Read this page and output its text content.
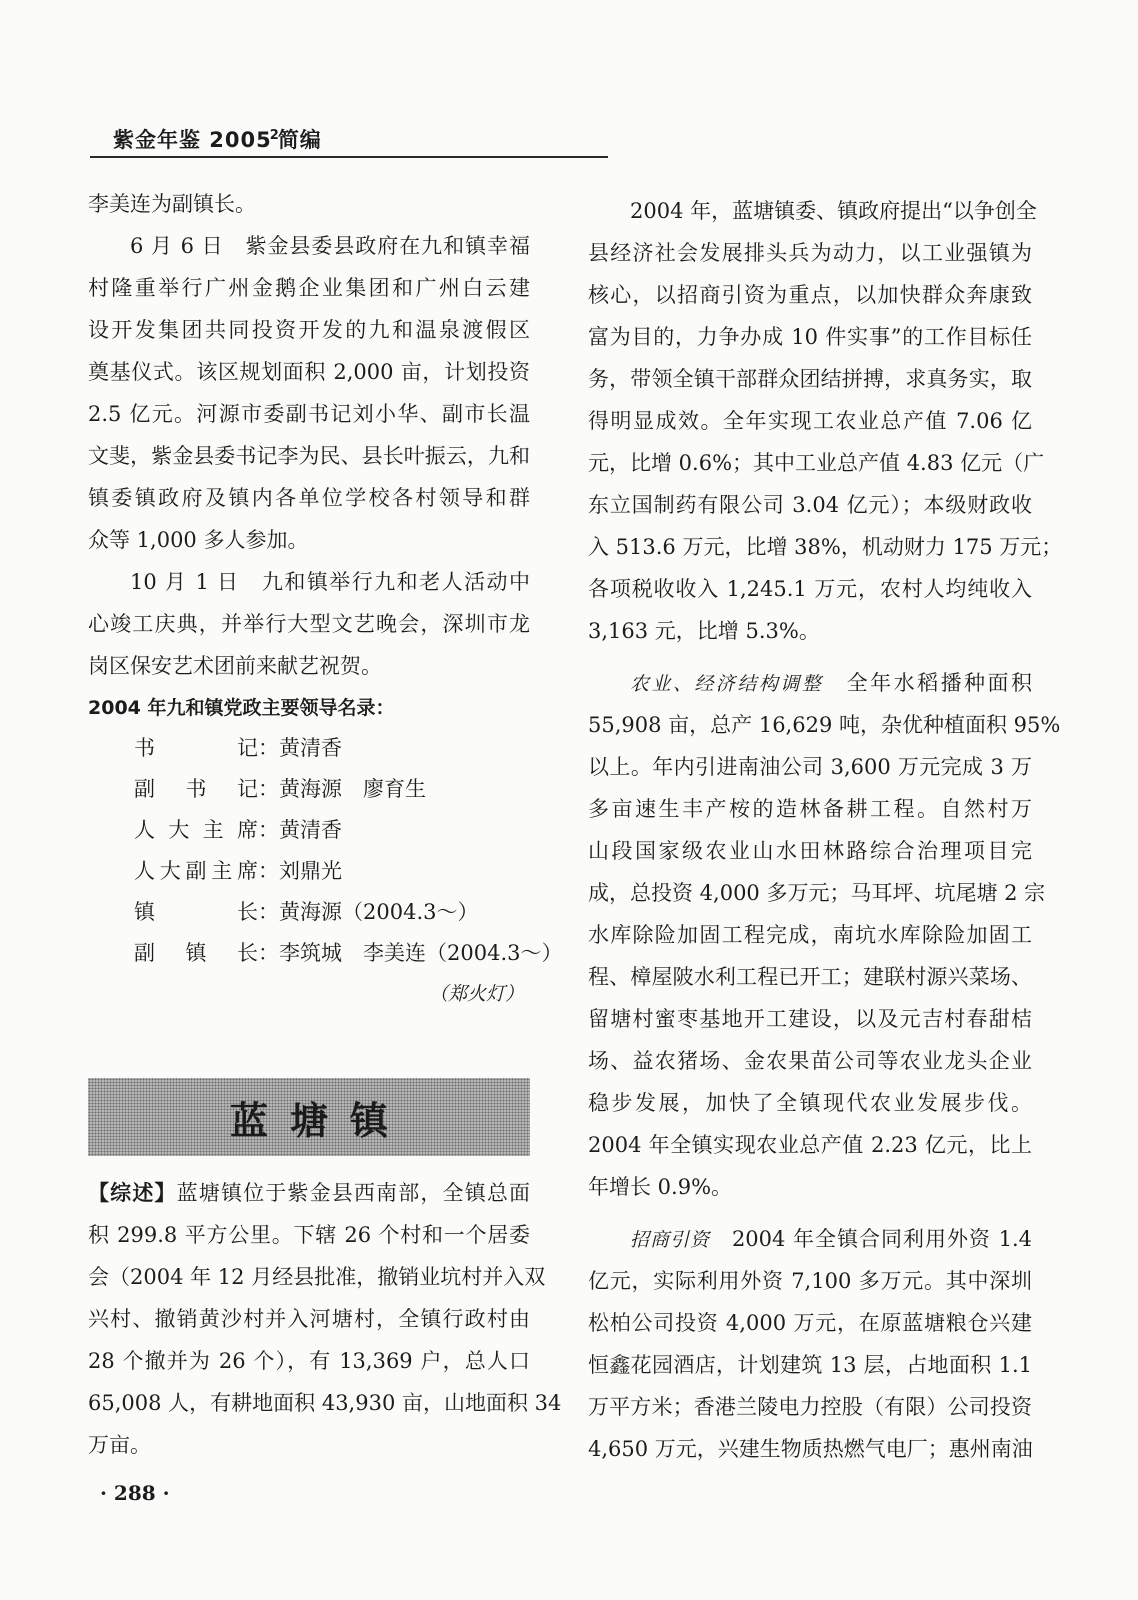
紫金年鉴 2005$^2$简编
李美连为副镇长。
6 月 6 日　紫金县委县政府在九和镇幸福
村隆重举行广州金鹅企业集团和广州白云建
设开发集团共同投资开发的九和温泉渡假区
奠基仪式。该区规划面积 2,000 亩，计划投资
2.5 亿元。河源市委副书记刘小华、副市长温
文斐，紫金县委书记李为民、县长叶振云，九和
镇委镇政府及镇内各单位学校各村领导和群
众等 1,000 多人参加。
10 月 1 日　九和镇举行九和老人活动中
心竣工庆典，并举行大型文艺晚会，深圳市龙
岗区保安艺术团前来献艺祝贺。
2004 年九和镇党政主要领导名录：
书记：黄清香
副书记：黄海源　廖育生
人大主席：黄清香
人大副主席：刘鼎光
镇长：黄海源（2004.3～）
副镇长：李筑城　李美连（2004.3～）
（郑火灯）
蓝塘镇
【综述】蓝塘镇位于紫金县西南部，全镇总面
积 299.8 平方公里。下辖 26 个村和一个居委
会（2004 年 12 月经县批准，撤销业坑村并入双
兴村、撤销黄沙村并入河塘村，全镇行政村由
28 个撤并为 26 个），有 13,369 户，总人口
65,008 人，有耕地面积 43,930 亩，山地面积 34
万亩。
2004 年，蓝塘镇委、镇政府提出“以争创全
县经济社会发展排头兵为动力，以工业强镇为
核心，以招商引资为重点，以加快群众奔康致
富为目的，力争办成 10 件实事”的工作目标任
务，带领全镇干部群众团结拼搏，求真务实，取
得明显成效。全年实现工农业总产值 7.06 亿
元，比增 0.6%；其中工业总产值 4.83 亿元（广
东立国制药有限公司 3.04 亿元）；本级财政收
入 513.6 万元，比增 38%，机动财力 175 万元；
各项税收收入 1,245.1 万元，农村人均纯收入
3,163 元，比增 5.3%。
农业、经济结构调整　全年水稻播种面积
55,908 亩，总产 16,629 吨，杂优种植面积 95%
以上。年内引进南油公司 3,600 万元完成 3 万
多亩速生丰产桉的造林备耕工程。自然村万
山段国家级农业山水田林路综合治理项目完
成，总投资 4,000 多万元；马耳坪、坑尾塘 2 宗
水库除险加固工程完成，南坑水库除险加固工
程、樟屋陂水利工程已开工；建联村源兴菜场、
留塘村蜜枣基地开工建设，以及元吉村春甜桔
场、益农猪场、金农果苗公司等农业龙头企业
稳步发展，加快了全镇现代农业发展步伐。
2004 年全镇实现农业总产值 2.23 亿元，比上
年增长 0.9%。
招商引资　2004 年全镇合同利用外资 1.4
亿元，实际利用外资 7,100 多万元。其中深圳
松柏公司投资 4,000 万元，在原蓝塘粮仓兴建
恒鑫花园酒店，计划建筑 13 层，占地面积 1.1
万平方米；香港兰陵电力控股（有限）公司投资
4,650 万元，兴建生物质热燃气电厂；惠州南油
· 288 ·
